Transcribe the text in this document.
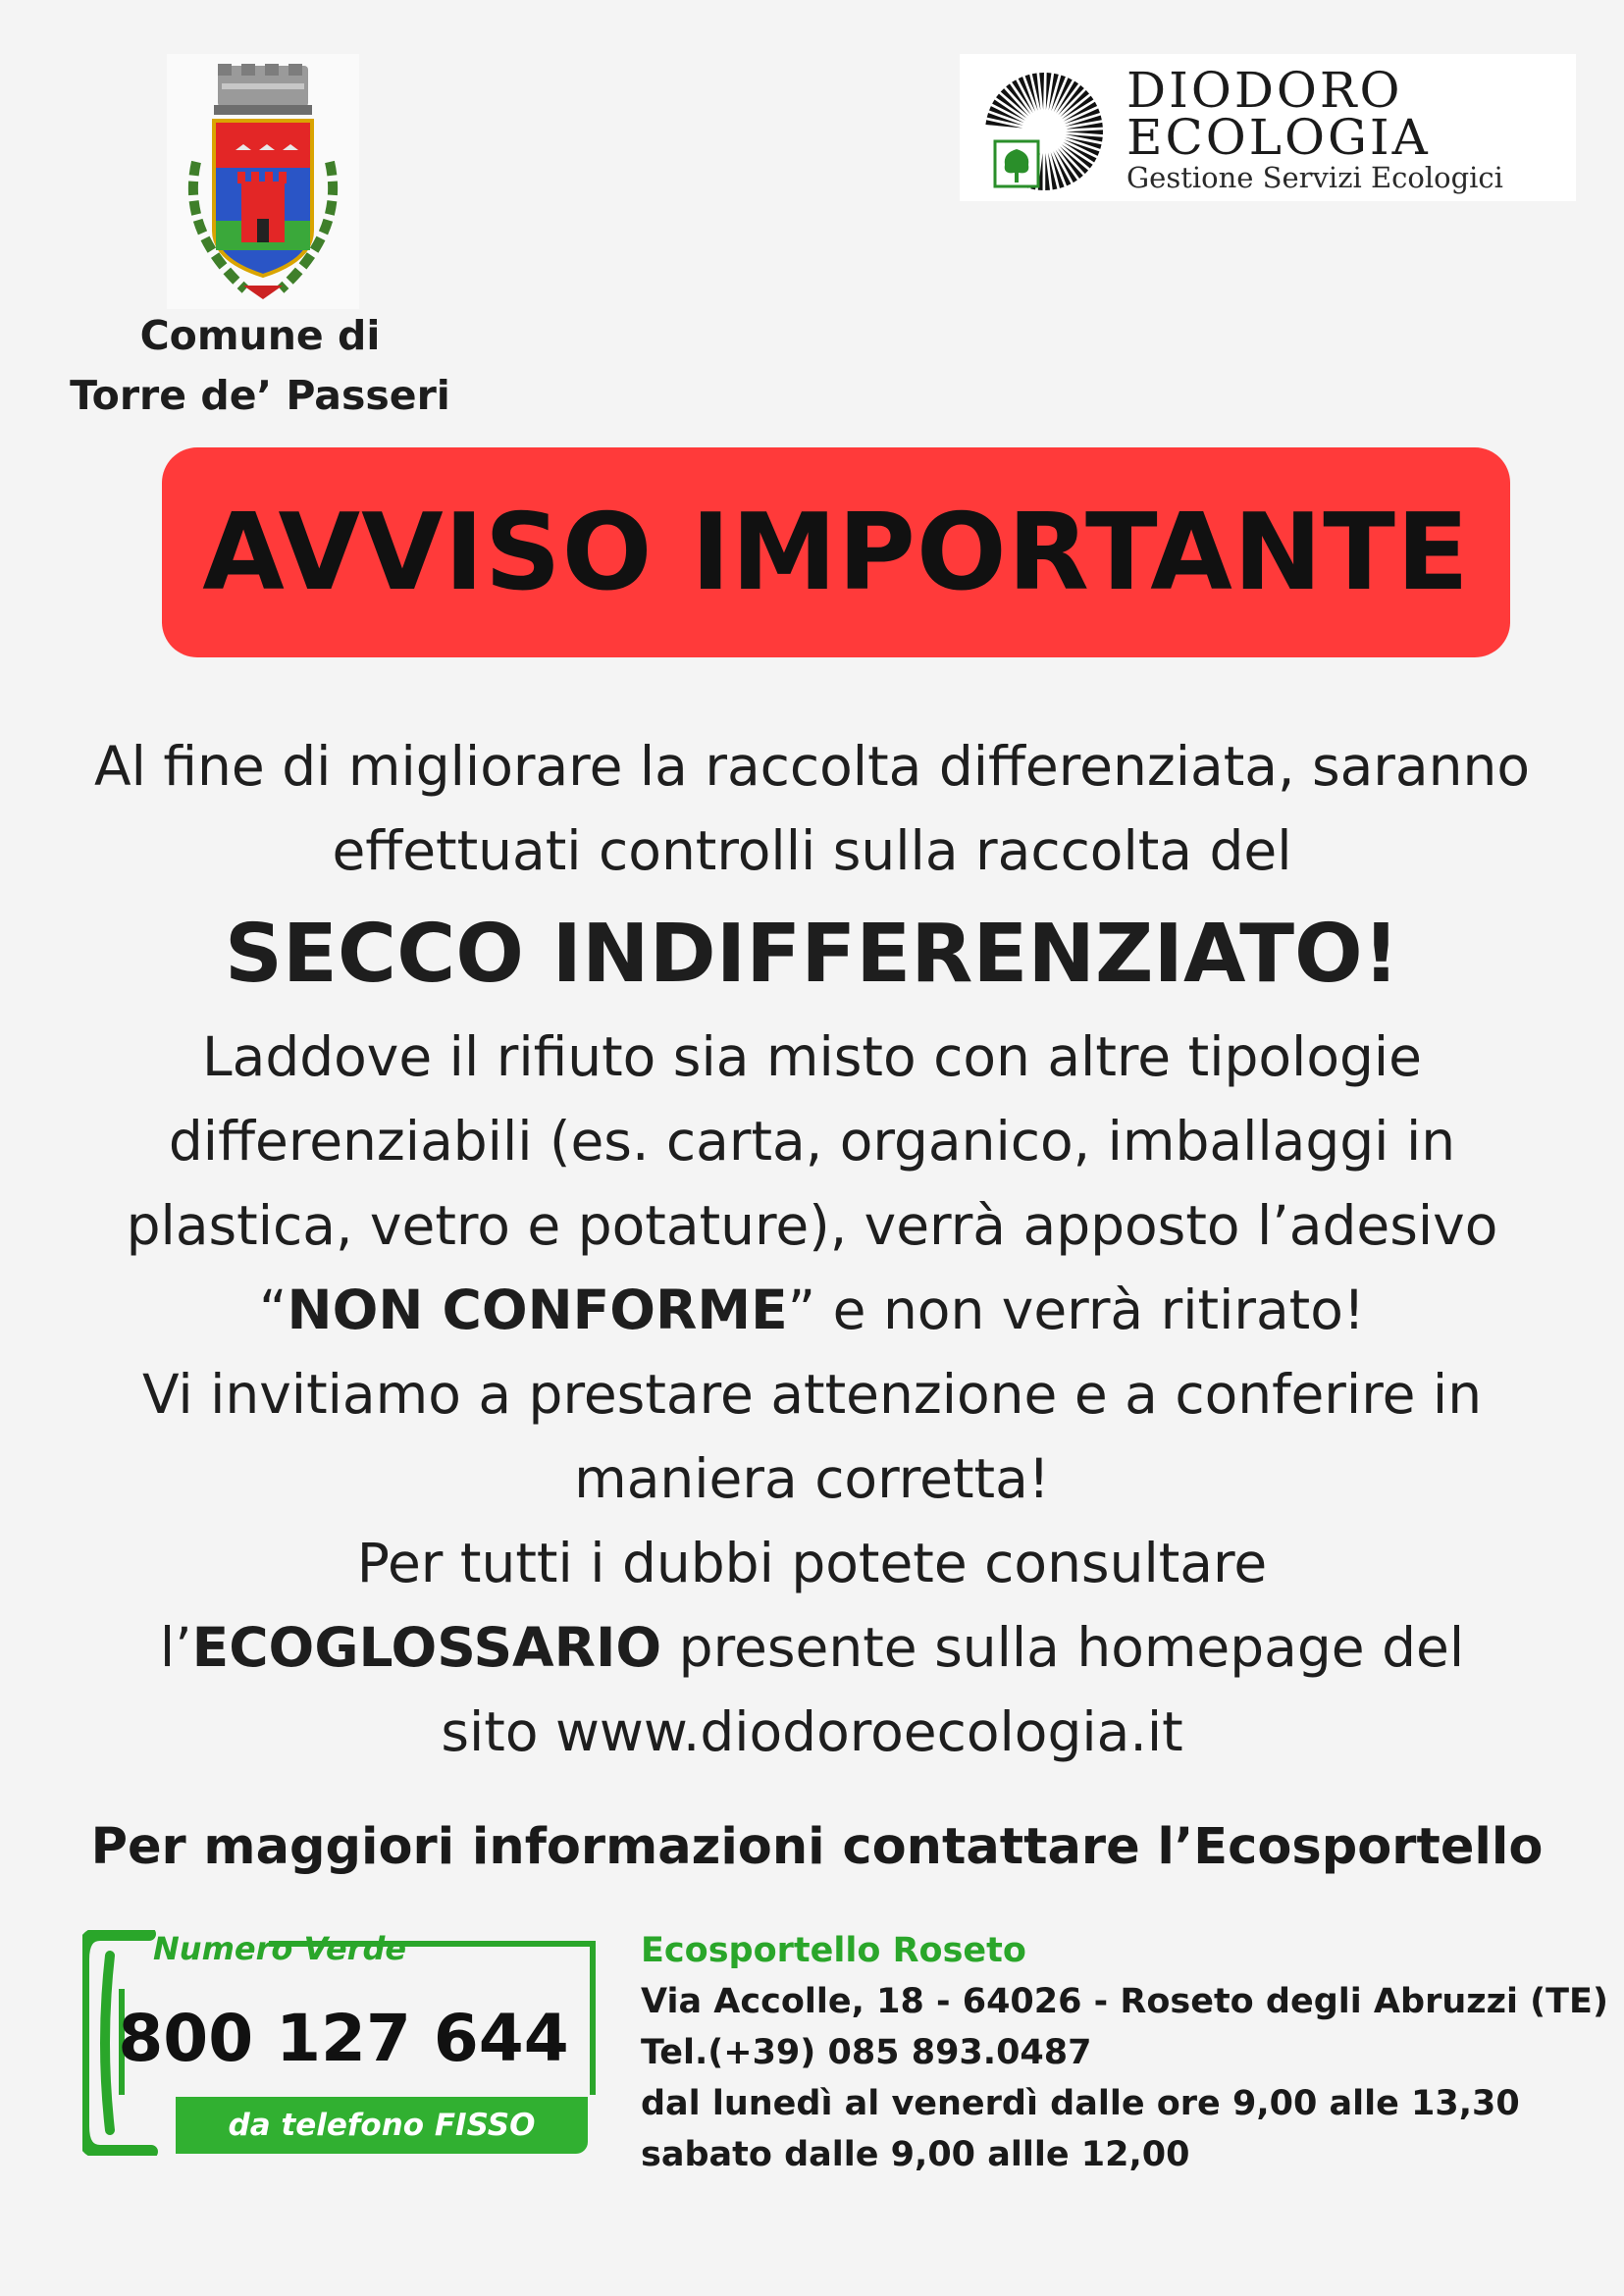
Comune di
Torre de’ Passeri
DIODORO
ECOLOGIA
Gestione Servizi Ecologici
AVVISO IMPORTANTE
Al fine di migliorare la raccolta differenziata, saranno
effettuati controlli sulla raccolta del
SECCO INDIFFERENZIATO!
Laddove il rifiuto sia misto con altre tipologie
differenziabili (es. carta, organico, imballaggi in
plastica, vetro e potature), verrà apposto l’adesivo
“NON CONFORME” e non verrà ritirato!
Vi invitiamo a prestare attenzione e a conferire in
maniera corretta!
Per tutti i dubbi potete consultare
l’ECOGLOSSARIO presente sulla homepage del
sito www.diodoroecologia.it
Per maggiori informazioni contattare l’Ecosportello
Numero Verde
800 127 644
da telefono FISSO
Ecosportello Roseto
Via Accolle, 18 - 64026 - Roseto degli Abruzzi (TE)
Tel.(+39) 085 893.0487
dal lunedì al venerdì dalle ore 9,00 alle 13,30
sabato dalle 9,00 allle 12,00
